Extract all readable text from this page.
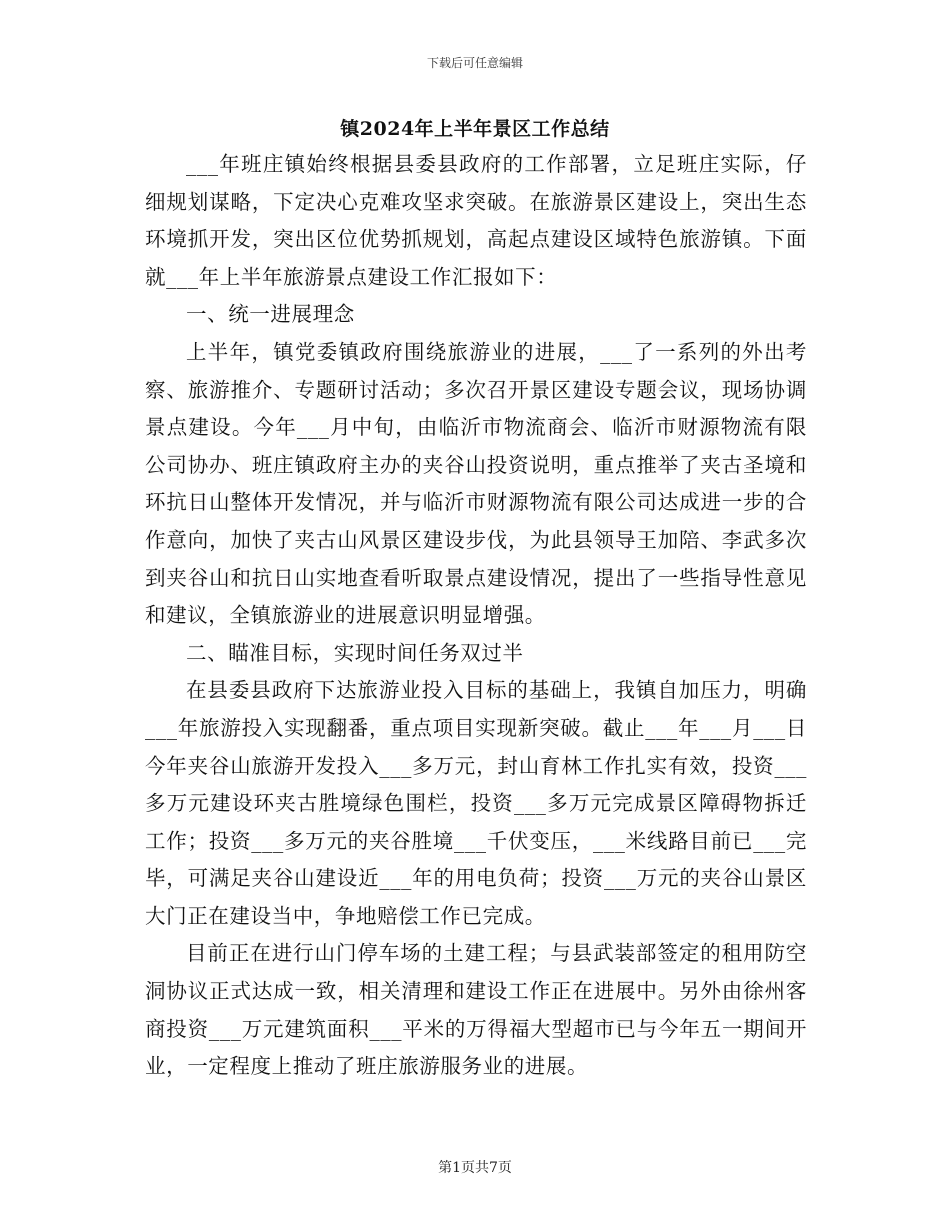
下载后可任意编辑
镇2024年上半年景区工作总结

___年班庄镇始终根据县委县政府的工作部署，立足班庄实际，仔细规划谋略，下定决心克难攻坚求突破。在旅游景区建设上，突出生态环境抓开发，突出区位优势抓规划，高起点建设区域特色旅游镇。下面就___年上半年旅游景点建设工作汇报如下：

一、统一进展理念

上半年，镇党委镇政府围绕旅游业的进展，___了一系列的外出考察、旅游推介、专题研讨活动；多次召开景区建设专题会议，现场协调景点建设。今年___月中旬，由临沂市物流商会、临沂市财源物流有限公司协办、班庄镇政府主办的夹谷山投资说明，重点推举了夹古圣境和环抗日山整体开发情况，并与临沂市财源物流有限公司达成进一步的合作意向，加快了夹古山风景区建设步伐，为此县领导王加陪、李武多次到夹谷山和抗日山实地查看听取景点建设情况，提出了一些指导性意见和建议，全镇旅游业的进展意识明显增强。

二、瞄准目标，实现时间任务双过半

在县委县政府下达旅游业投入目标的基础上，我镇自加压力，明确___年旅游投入实现翻番，重点项目实现新突破。截止___年___月___日今年夹谷山旅游开发投入___多万元，封山育林工作扎实有效，投资___多万元建设环夹古胜境绿色围栏，投资___多万元完成景区障碍物拆迁工作；投资___多万元的夹谷胜境___千伏变压，___米线路目前已___完毕，可满足夹谷山建设近___年的用电负荷；投资___万元的夹谷山景区大门正在建设当中，争地赔偿工作已完成。

目前正在进行山门停车场的土建工程；与县武装部签定的租用防空洞协议正式达成一致，相关清理和建设工作正在进展中。另外由徐州客商投资___万元建筑面积___平米的万得福大型超市已与今年五一期间开业，一定程度上推动了班庄旅游服务业的进展。

第1页共7页
